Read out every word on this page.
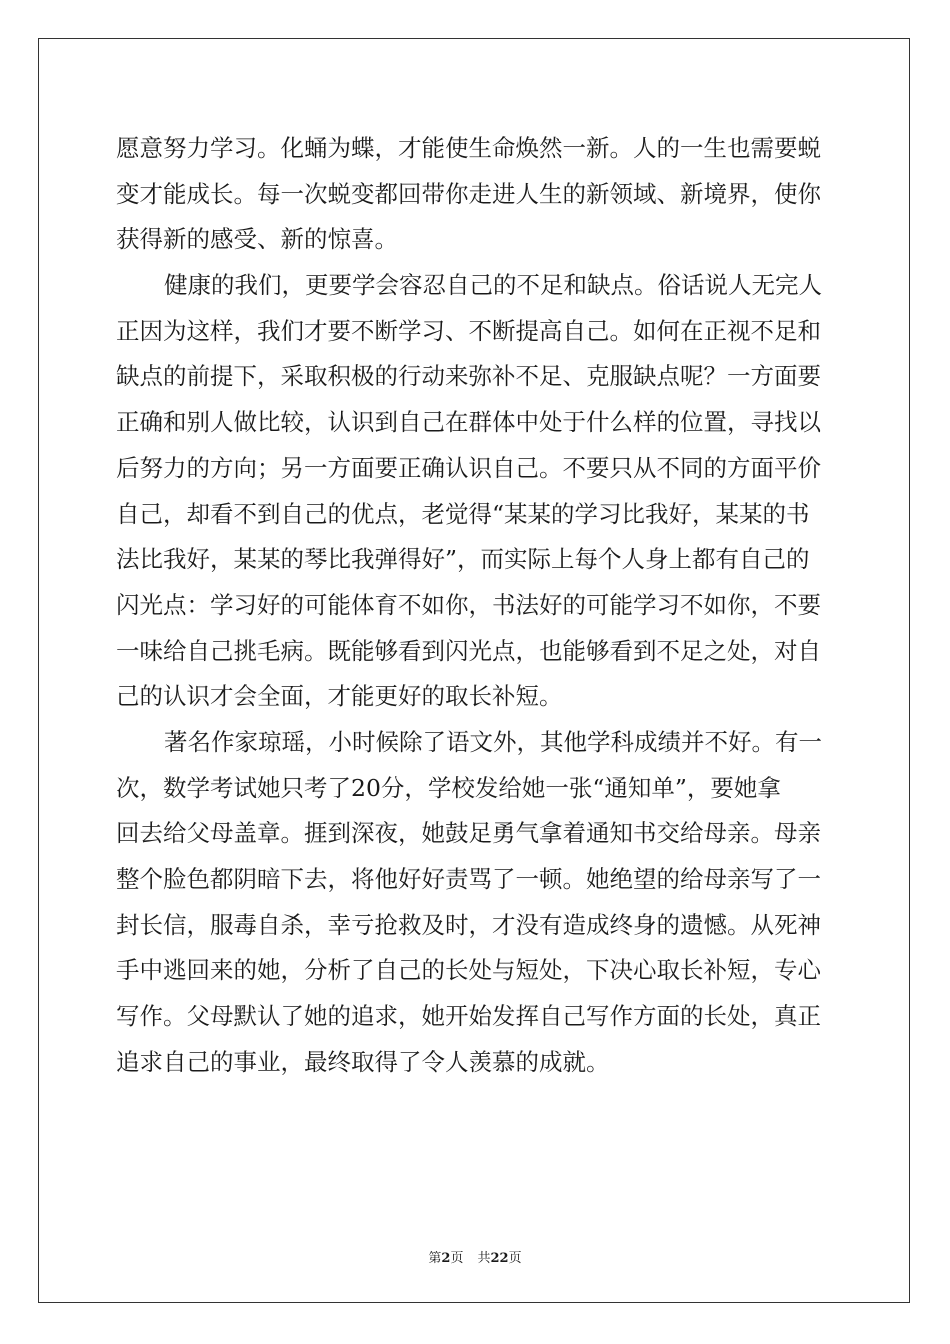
愿意努力学习。化蛹为蝶，才能使生命焕然一新。人的一生也需要蜕
变才能成长。每一次蜕变都回带你走进人生的新领域、新境界，使你
获得新的感受、新的惊喜。
健康的我们，更要学会容忍自己的不足和缺点。俗话说人无完人
正因为这样，我们才要不断学习、不断提高自己。如何在正视不足和
缺点的前提下，采取积极的行动来弥补不足、克服缺点呢？一方面要
正确和别人做比较，认识到自己在群体中处于什么样的位置，寻找以
后努力的方向；另一方面要正确认识自己。不要只从不同的方面平价
自己，却看不到自己的优点，老觉得“某某的学习比我好，某某的书
法比我好，某某的琴比我弹得好”，而实际上每个人身上都有自己的
闪光点：学习好的可能体育不如你，书法好的可能学习不如你，不要
一味给自己挑毛病。既能够看到闪光点，也能够看到不足之处，对自
己的认识才会全面，才能更好的取长补短。
著名作家琼瑶，小时候除了语文外，其他学科成绩并不好。有一
次，数学考试她只考了20分，学校发给她一张“通知单”，要她拿
回去给父母盖章。捱到深夜，她鼓足勇气拿着通知书交给母亲。母亲
整个脸色都阴暗下去，将他好好责骂了一顿。她绝望的给母亲写了一
封长信，服毒自杀，幸亏抢救及时，才没有造成终身的遗憾。从死神
手中逃回来的她，分析了自己的长处与短处，下决心取长补短，专心
写作。父母默认了她的追求，她开始发挥自己写作方面的长处，真正
追求自己的事业，最终取得了令人羡慕的成就。
第2页 共22页
